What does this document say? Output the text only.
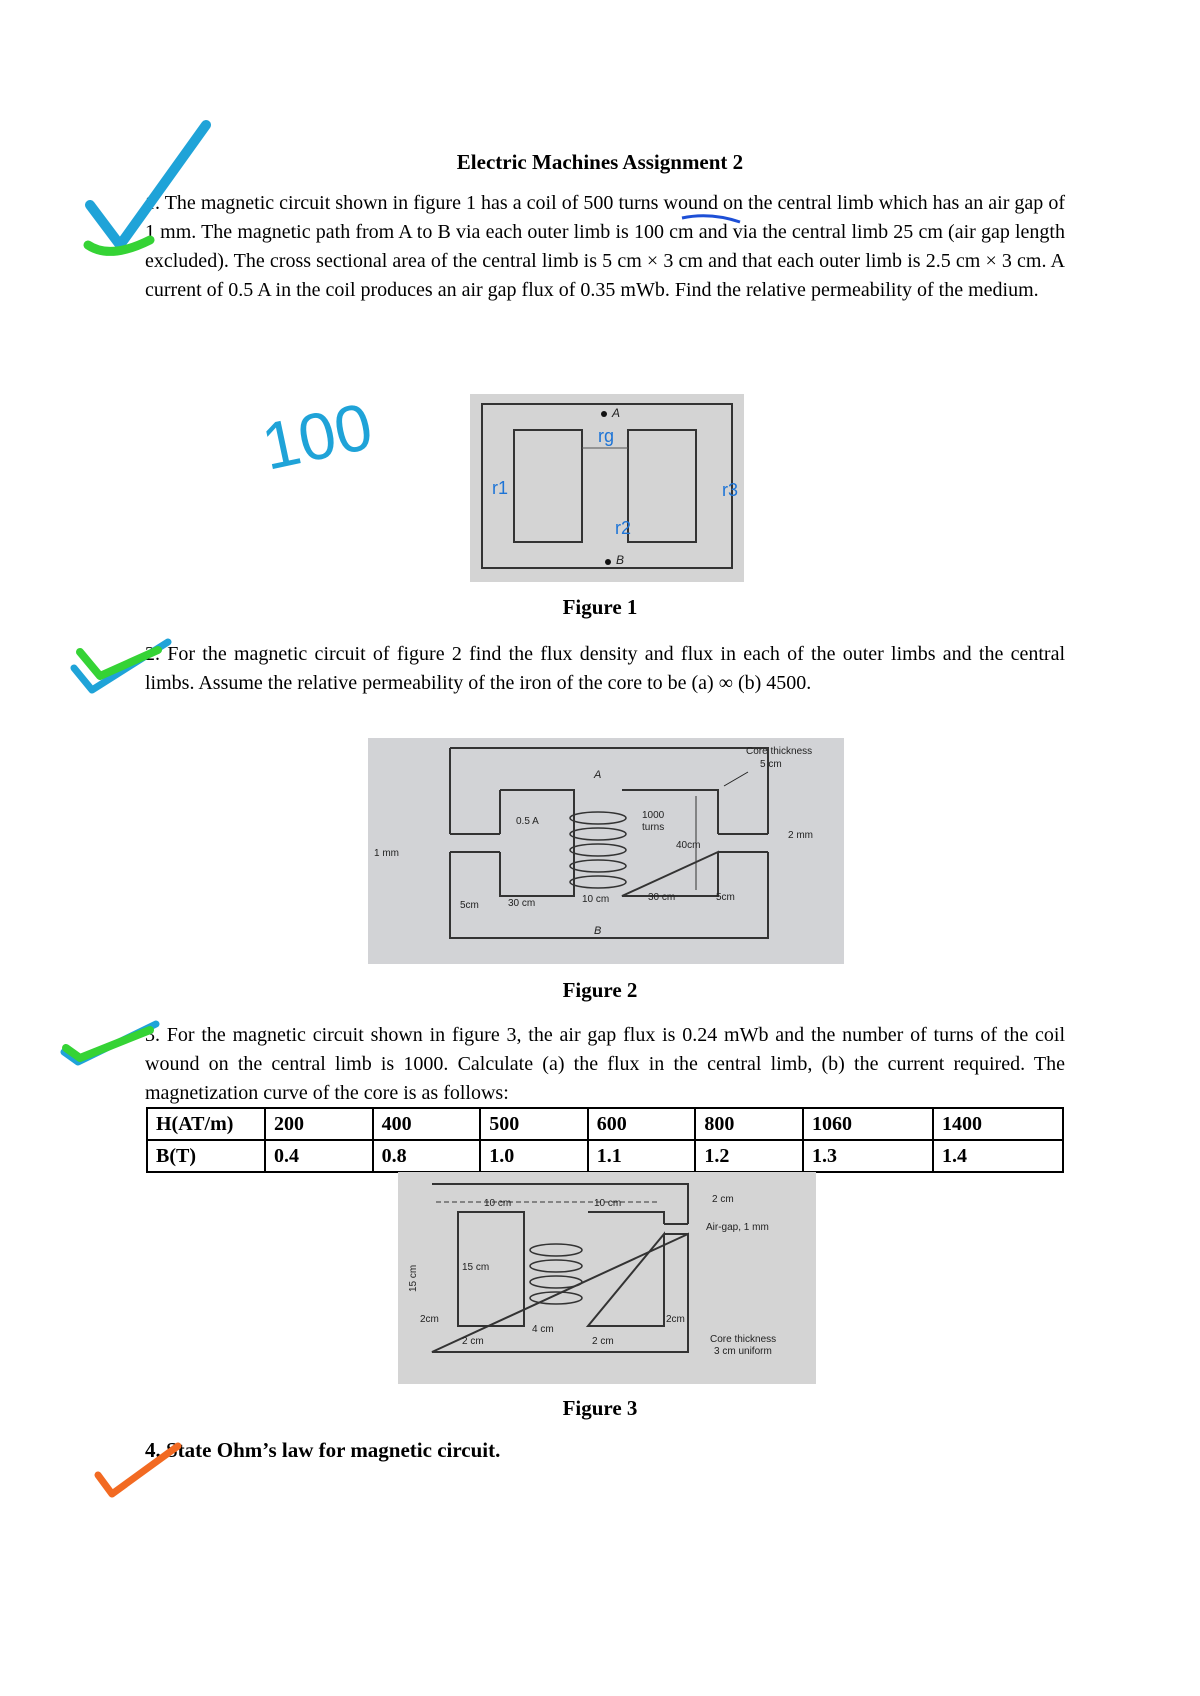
Electric Machines Assignment 2
1. The magnetic circuit shown in figure 1 has a coil of 500 turns wound on the central limb which has an air gap of 1 mm. The magnetic path from A to B via each outer limb is 100 cm and via the central limb 25 cm (air gap length excluded). The cross sectional area of the central limb is 5 cm × 3 cm and that each outer limb is 2.5 cm × 3 cm. A current of 0.5 A in the coil produces an air gap flux of 0.35 mWb. Find the relative permeability of the medium.
A
B
rg
r1
r2
r3
Figure 1
2. For the magnetic circuit of figure 2 find the flux density and flux in each of the outer limbs and the central limbs. Assume the relative permeability of the iron of the core to be (a) ∞ (b) 4500.
Core thickness
5 cm
A
B
0.5 A
1000
turns
40cm
2 mm
1 mm
5cm	30 cm	10 cm	30 cm	5cm
Figure 2
3. For the magnetic circuit shown in figure 3, the air gap flux is 0.24 mWb and the number of turns of the coil wound on the central limb is 1000. Calculate (a) the flux in the central limb, (b) the current required. The magnetization curve of the core is as follows:
H(AT/m)	200	400	500	600	800	1060	1400
B(T)	0.4	0.8	1.0	1.1	1.2	1.3	1.4
10 cm	10 cm	2 cm
Air-gap, 1 mm
15 cm	15 cm
2cm
2 cm
4 cm
2 cm
2cm
Core thickness
3 cm uniform
Figure 3
4. State Ohm’s law for magnetic circuit.
100
